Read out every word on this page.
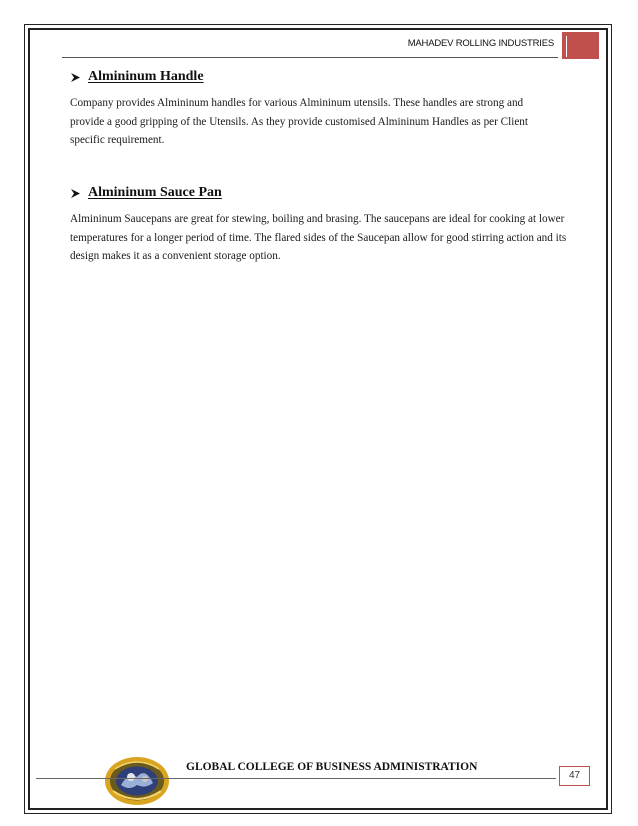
MAHADEV ROLLING INDUSTRIES
Almininum Handle

Company provides Almininum handles for various Almininum utensils. These handles are strong and provide a good gripping of the Utensils. As they provide customised Almininum Handles as per Client specific requirement.

Almininum Sauce Pan

Almininum Saucepans are great for stewing, boiling and brasing. The saucepans are ideal for cooking at lower temperatures for a longer period of time. The flared sides of the Saucepan allow for good stirring action and its design makes it as a convenient storage option.

GLOBAL COLLEGE OF BUSINESS ADMINISTRATION
47
